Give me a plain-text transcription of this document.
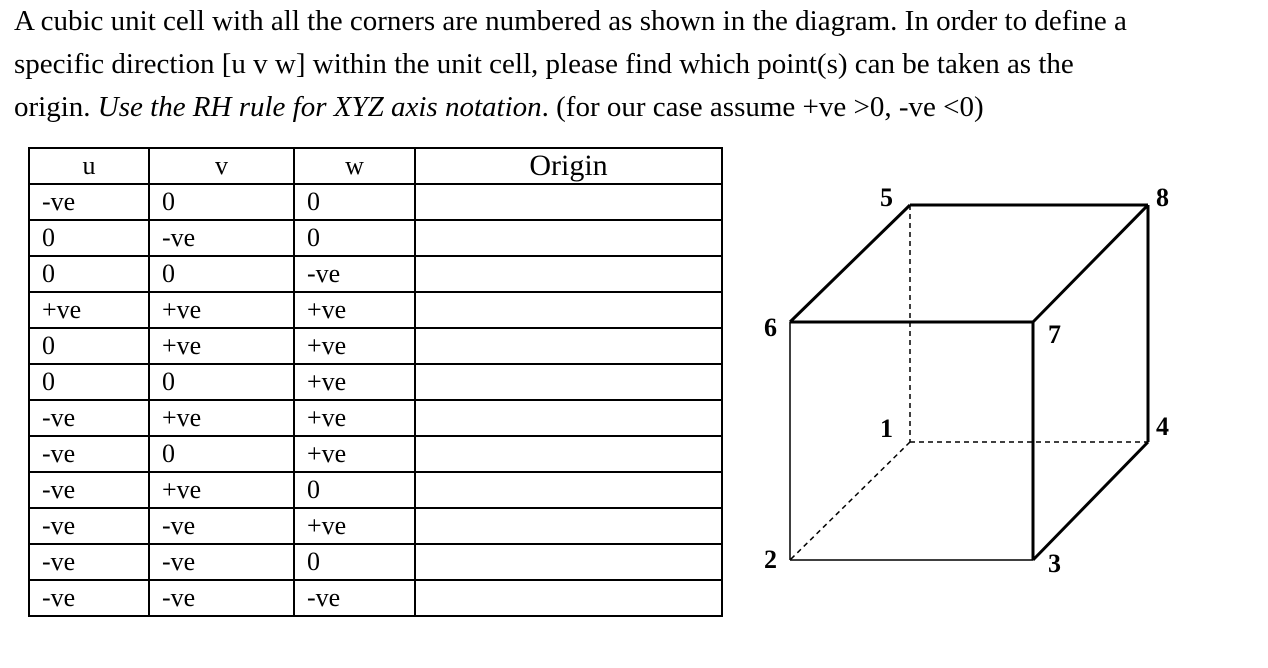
A cubic unit cell with all the corners are numbered as shown in the diagram. In order to define a

specific direction [u v w] within the unit cell, please find which point(s) can be taken as the

origin. Use the RH rule for XYZ axis notation. (for our case assume +ve >0, -ve <0)

u	v	w	Origin
-ve	0	0	
0	-ve	0	
0	0	-ve	
+ve	+ve	+ve	
0	+ve	+ve	
0	0	+ve	
-ve	+ve	+ve	
-ve	0	+ve	
-ve	+ve	0	
-ve	-ve	+ve	
-ve	-ve	0	
-ve	-ve	-ve	
1
2	3
4
5
6	7
8
